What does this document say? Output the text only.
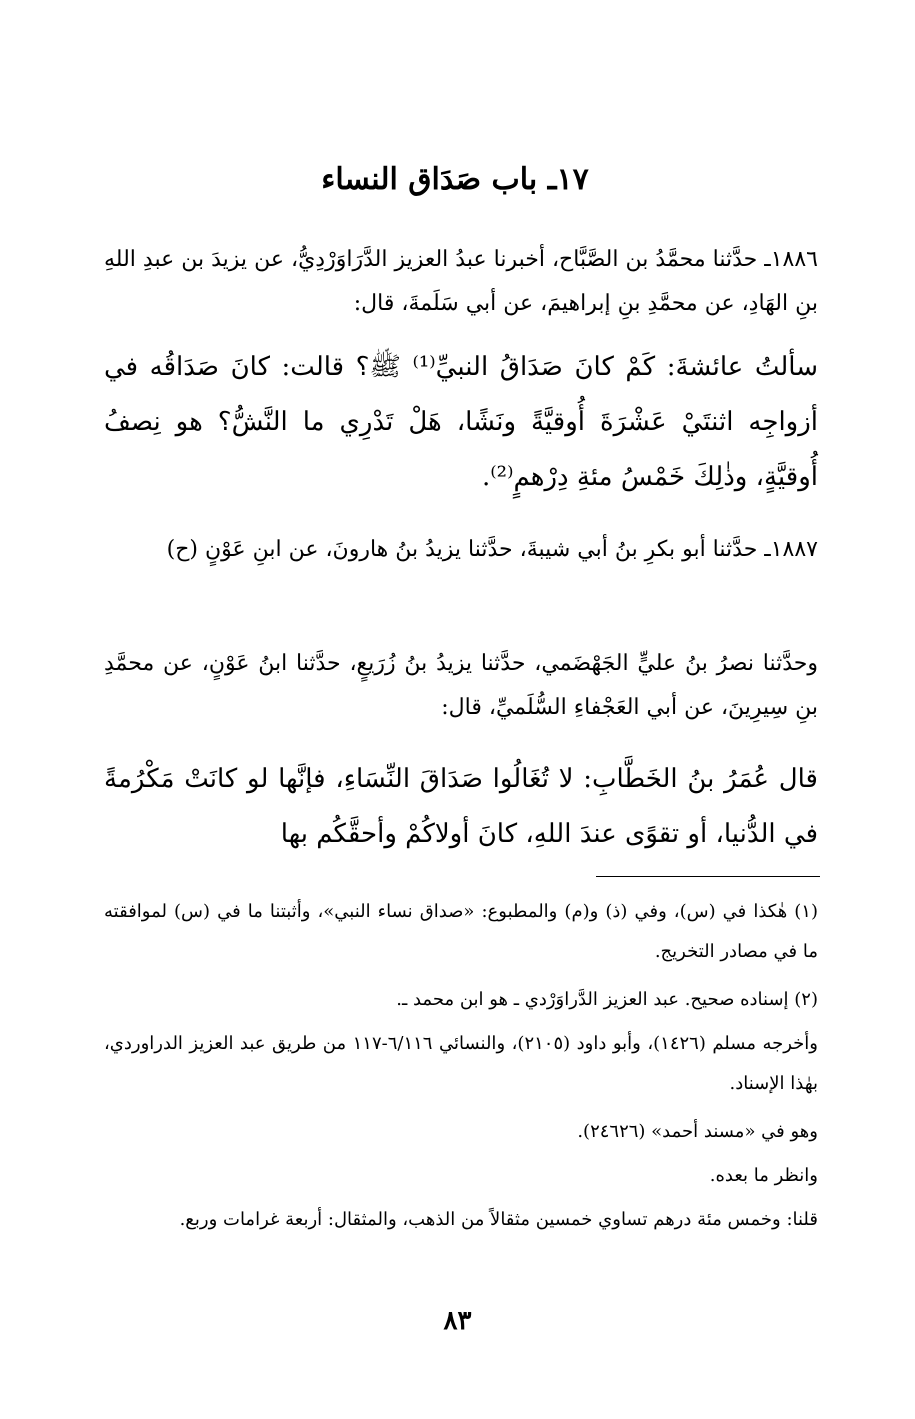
١٧ـ باب صَدَاق النساء

١٨٨٦ـ حدَّثنا محمَّدُ بن الصَّبَّاح، أخبرنا عبدُ العزيز الدَّرَاوَرْدِيُّ، عن يزيدَ بن عبدِ اللهِ بنِ الهَادِ، عن محمَّدِ بنِ إبراهيمَ، عن أبي سَلَمةَ، قال:

سألتُ عائشةَ: كَمْ كانَ صَدَاقُ النبيِّ⁽¹⁾ ﷺ؟ قالت: كانَ صَدَاقُه في أزواجِه اثنتَيْ عَشْرَةَ أُوقيَّةً ونَشًا، هَلْ تَدْرِي ما النَّشُّ؟ هو نِصفُ أُوقيَّةٍ، وذٰلِكَ خَمْسُ مئةِ دِرْهمٍ⁽²⁾.

١٨٨٧ـ حدَّثنا أبو بكرِ بنُ أبي شيبةَ، حدَّثنا يزيدُ بنُ هارونَ، عن ابنِ عَوْنٍ (ح)

وحدَّثنا نصرُ بنُ عليٍّ الجَهْضَمي، حدَّثنا يزيدُ بنُ زُرَيعٍ، حدَّثنا ابنُ عَوْنٍ، عن محمَّدِ بنِ سِيرِينَ، عن أبي العَجْفاءِ السُّلَميِّ، قال:

قال عُمَرُ بنُ الخَطَّابِ: لا تُغَالُوا صَدَاقَ النِّسَاءِ، فإنَّها لو كانَتْ مَكْرُمةً في الدُّنيا، أو تقوًى عندَ اللهِ، كانَ أولاكُمْ وأحقَّكُم بها

(١) هٰكذا في (س)، وفي (ذ) و(م) والمطبوع: «صداق نساء النبي»، وأثبتنا ما في (س) لموافقته ما في مصادر التخريج.

(٢) إسناده صحيح. عبد العزيز الدَّراوَرْدي ـ هو ابن محمد ـ.

وأخرجه مسلم (١٤٢٦)، وأبو داود (٢١٠٥)، والنسائي ٦/١١٦-١١٧ من طريق عبد العزيز الدراوردي، بهٰذا الإسناد.

وهو في «مسند أحمد» (٢٤٦٢٦).

وانظر ما بعده.

قلنا: وخمس مئة درهم تساوي خمسين مثقالاً من الذهب، والمثقال: أربعة غرامات وربع.

٨٣
